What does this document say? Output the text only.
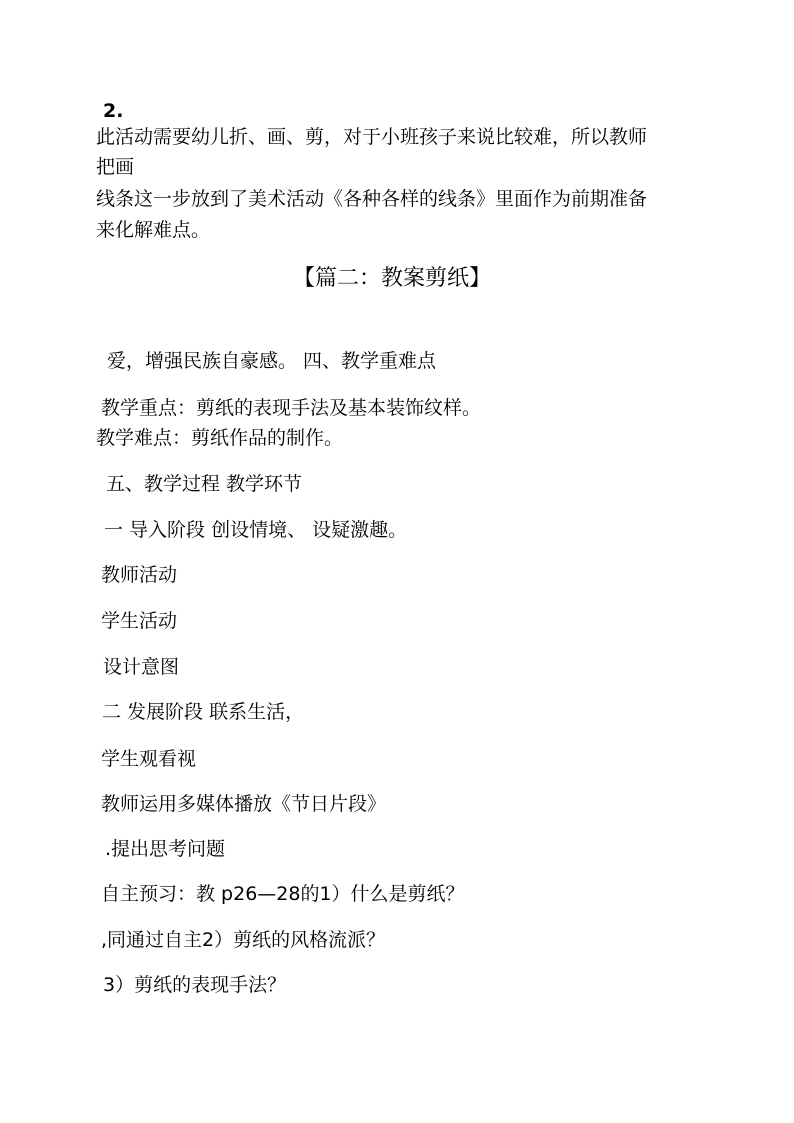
2.
此活动需要幼儿折、画、剪，对于小班孩子来说比较难，所以教师
把画
线条这一步放到了美术活动《各种各样的线条》里面作为前期准备
来化解难点。
【篇二：教案剪纸】
爱，增强民族自豪感。 四、教学重难点
教学重点：剪纸的表现手法及基本装饰纹样。
教学难点：剪纸作品的制作。
五、教学过程 教学环节
一 导入阶段 创设情境、 设疑激趣。
教师活动
学生活动
设计意图
二 发展阶段 联系生活，
学生观看视
教师运用多媒体播放《节日片段》
.提出思考问题
自主预习：教 p26—28的1）什么是剪纸？
,同通过自主2）剪纸的风格流派？
3）剪纸的表现手法？
